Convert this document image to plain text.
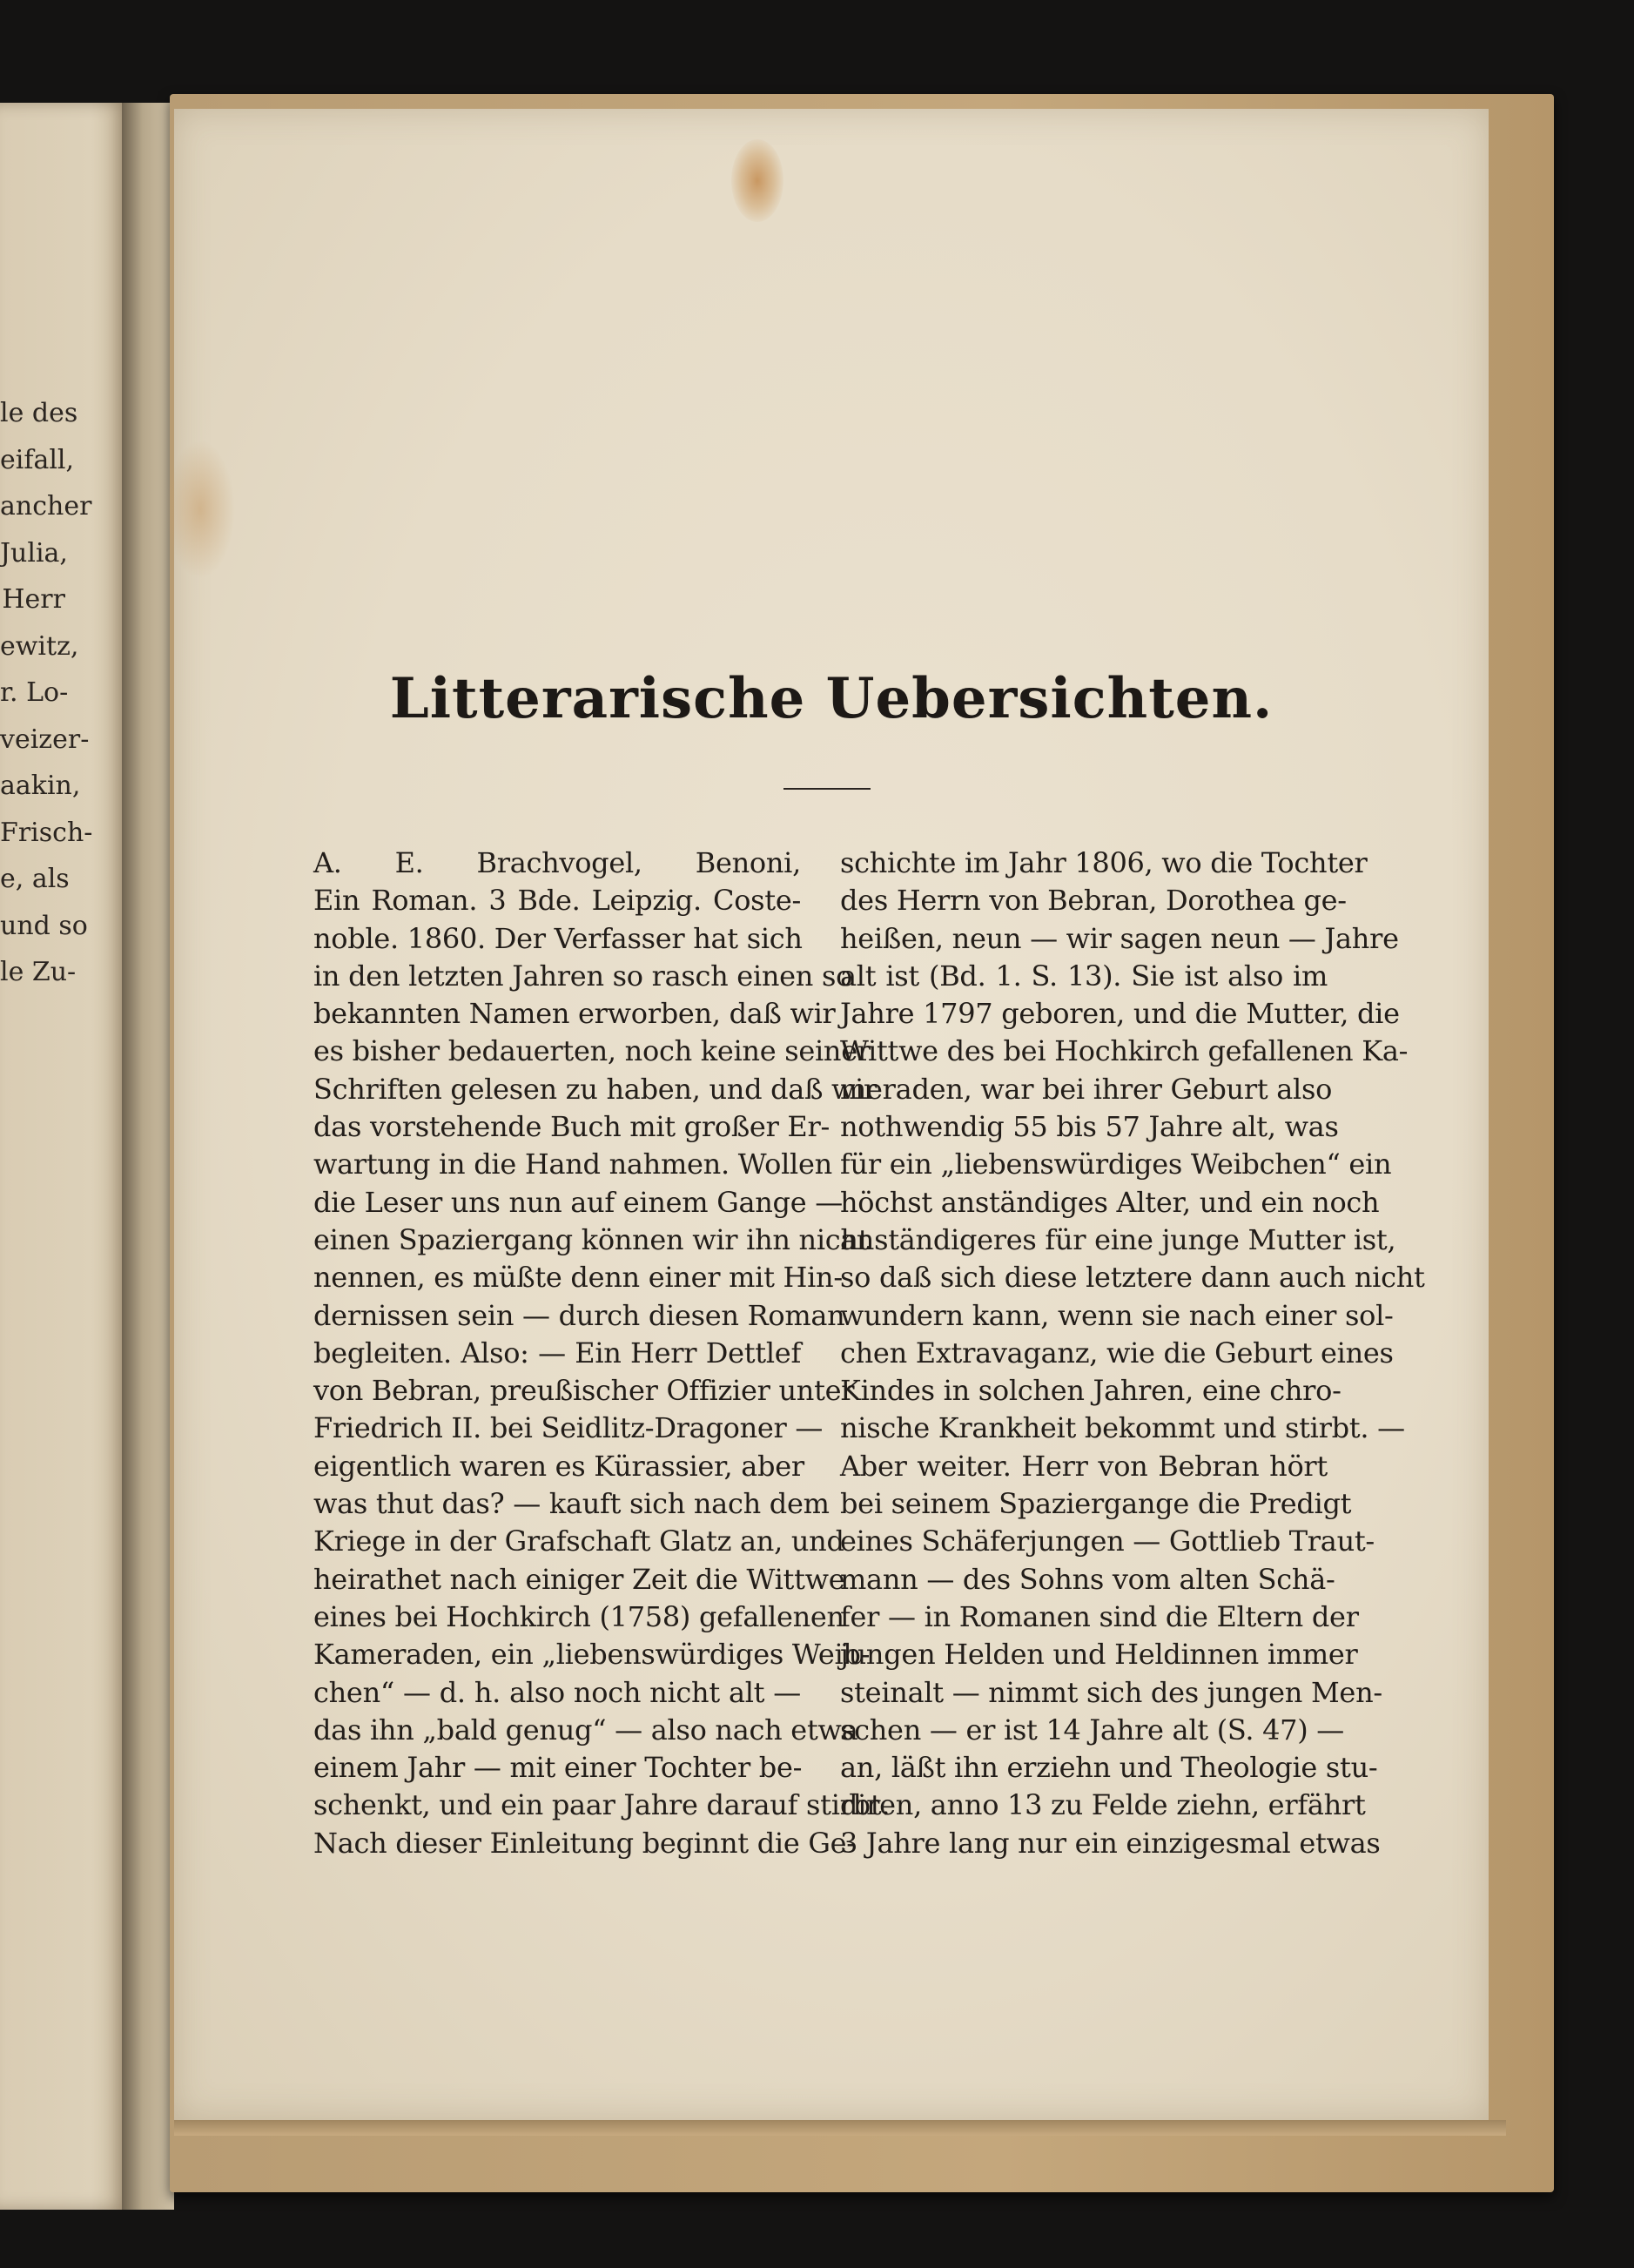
le des
eifall,
ancher
Julia,
Herr
ewitz,
r. Lo-
veizer-
aakin,
Frisch-
e, als
und so
le Zu-
Litterarische Uebersichten.
A. E. Brachvogel, Benoni,
Ein Roman. 3 Bde. Leipzig. Coste-
noble. 1860. Der Verfasser hat sich
in den letzten Jahren so rasch einen so
bekannten Namen erworben, daß wir
es bisher bedauerten, noch keine seiner
Schriften gelesen zu haben, und daß wir
das vorstehende Buch mit großer Er-
wartung in die Hand nahmen. Wollen
die Leser uns nun auf einem Gange —
einen Spaziergang können wir ihn nicht
nennen, es müßte denn einer mit Hin-
dernissen sein — durch diesen Roman
begleiten. Also: — Ein Herr Dettlef
von Bebran, preußischer Offizier unter
Friedrich II. bei Seidlitz-Dragoner —
eigentlich waren es Kürassier, aber
was thut das? — kauft sich nach dem
Kriege in der Grafschaft Glatz an, und
heirathet nach einiger Zeit die Wittwe
eines bei Hochkirch (1758) gefallenen
Kameraden, ein „liebenswürdiges Weib-
chen“ — d. h. also noch nicht alt —
das ihn „bald genug“ — also nach etwa
einem Jahr — mit einer Tochter be-
schenkt, und ein paar Jahre darauf stirbt.
Nach dieser Einleitung beginnt die Ge-
schichte im Jahr 1806, wo die Tochter
des Herrn von Bebran, Dorothea ge-
heißen, neun — wir sagen neun — Jahre
alt ist (Bd. 1. S. 13). Sie ist also im
Jahre 1797 geboren, und die Mutter, die
Wittwe des bei Hochkirch gefallenen Ka-
meraden, war bei ihrer Geburt also
nothwendig 55 bis 57 Jahre alt, was
für ein „liebenswürdiges Weibchen“ ein
höchst anständiges Alter, und ein noch
anständigeres für eine junge Mutter ist,
so daß sich diese letztere dann auch nicht
wundern kann, wenn sie nach einer sol-
chen Extravaganz, wie die Geburt eines
Kindes in solchen Jahren, eine chro-
nische Krankheit bekommt und stirbt. —
Aber weiter. Herr von Bebran hört
bei seinem Spaziergange die Predigt
eines Schäferjungen — Gottlieb Traut-
mann — des Sohns vom alten Schä-
fer — in Romanen sind die Eltern der
jungen Helden und Heldinnen immer
steinalt — nimmt sich des jungen Men-
schen — er ist 14 Jahre alt (S. 47) —
an, läßt ihn erziehn und Theologie stu-
diren, anno 13 zu Felde ziehn, erfährt
3 Jahre lang nur ein einzigesmal etwas
